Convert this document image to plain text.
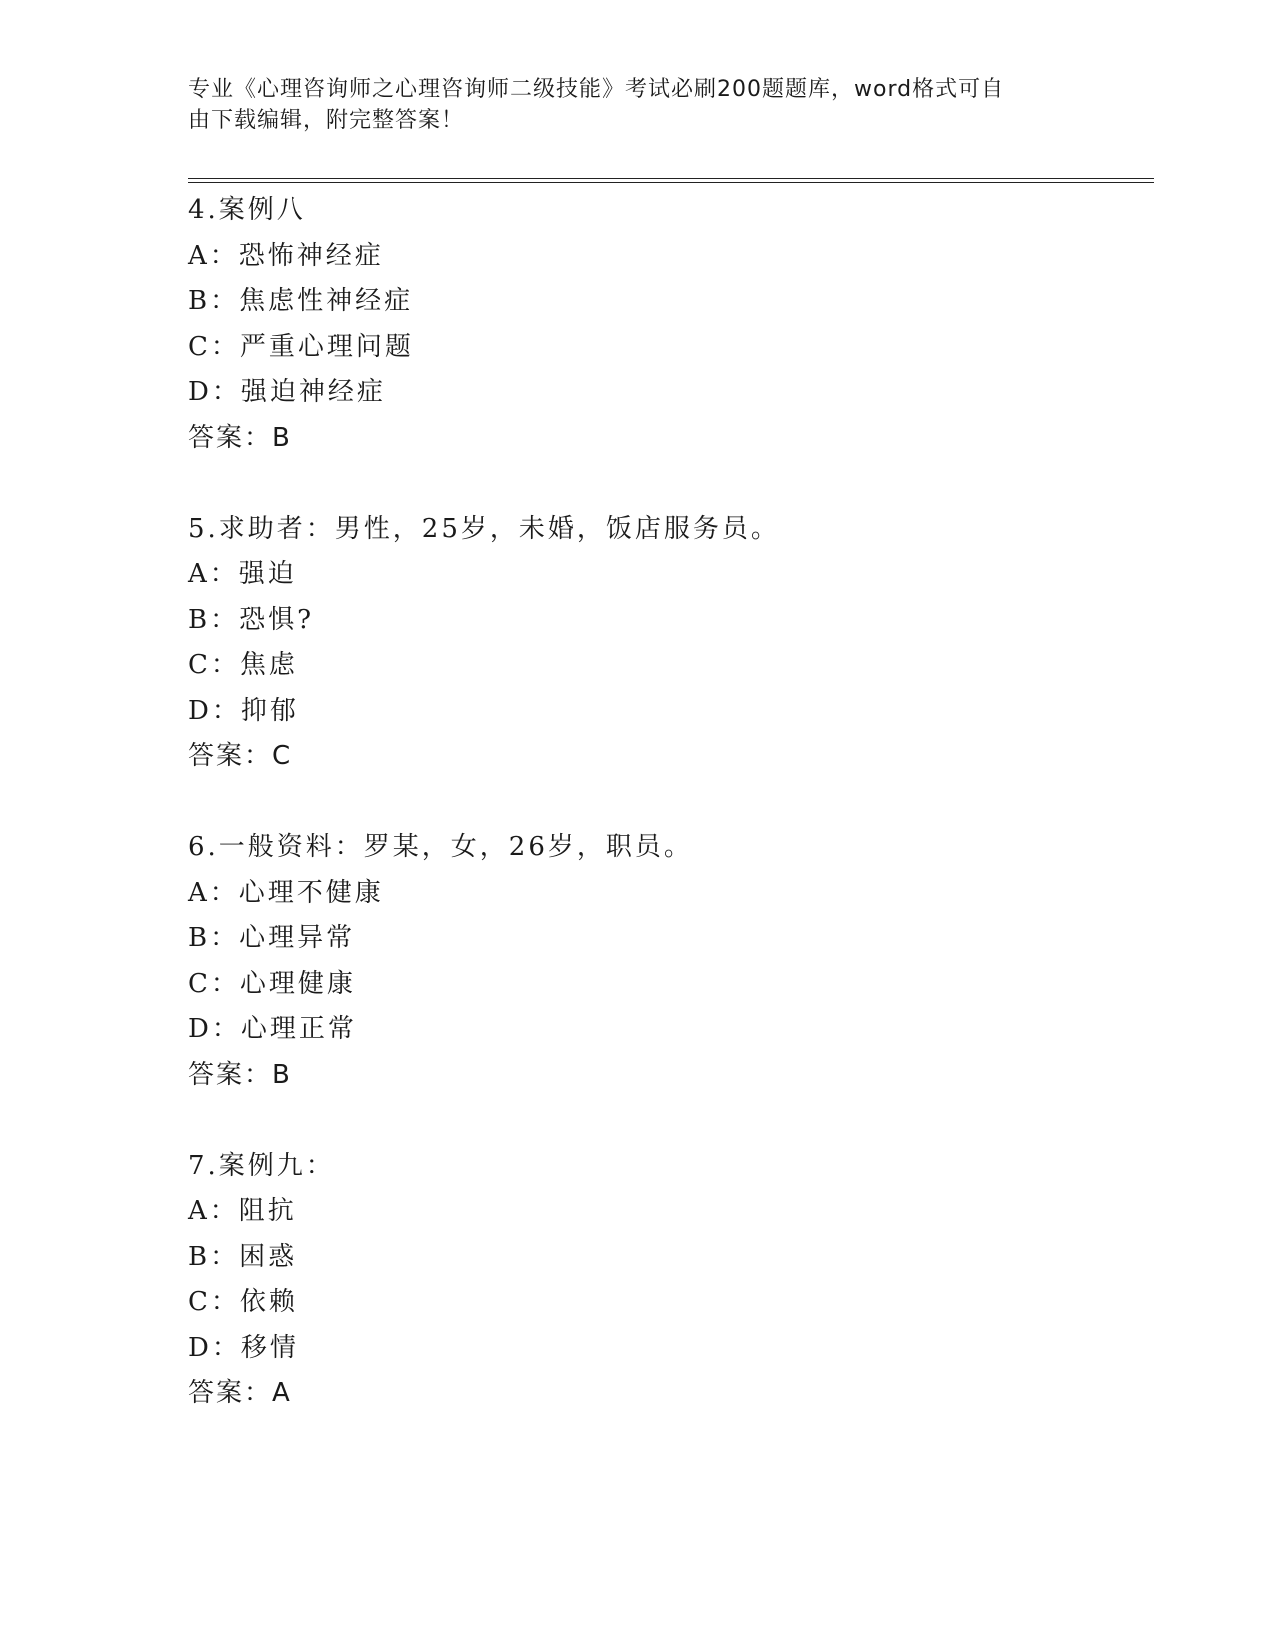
专业《心理咨询师之心理咨询师二级技能》考试必刷200题题库，word格式可自
由下载编辑，附完整答案！
4.案例八
A：恐怖神经症
B：焦虑性神经症
C：严重心理问题
D：强迫神经症
答案：B
5.求助者：男性，25岁，未婚，饭店服务员。
A：强迫
B：恐惧?
C：焦虑
D：抑郁
答案：C
6.一般资料：罗某，女，26岁，职员。
A：心理不健康
B：心理异常
C：心理健康
D：心理正常
答案：B
7.案例九：
A：阻抗
B：困惑
C：依赖
D：移情
答案：A
